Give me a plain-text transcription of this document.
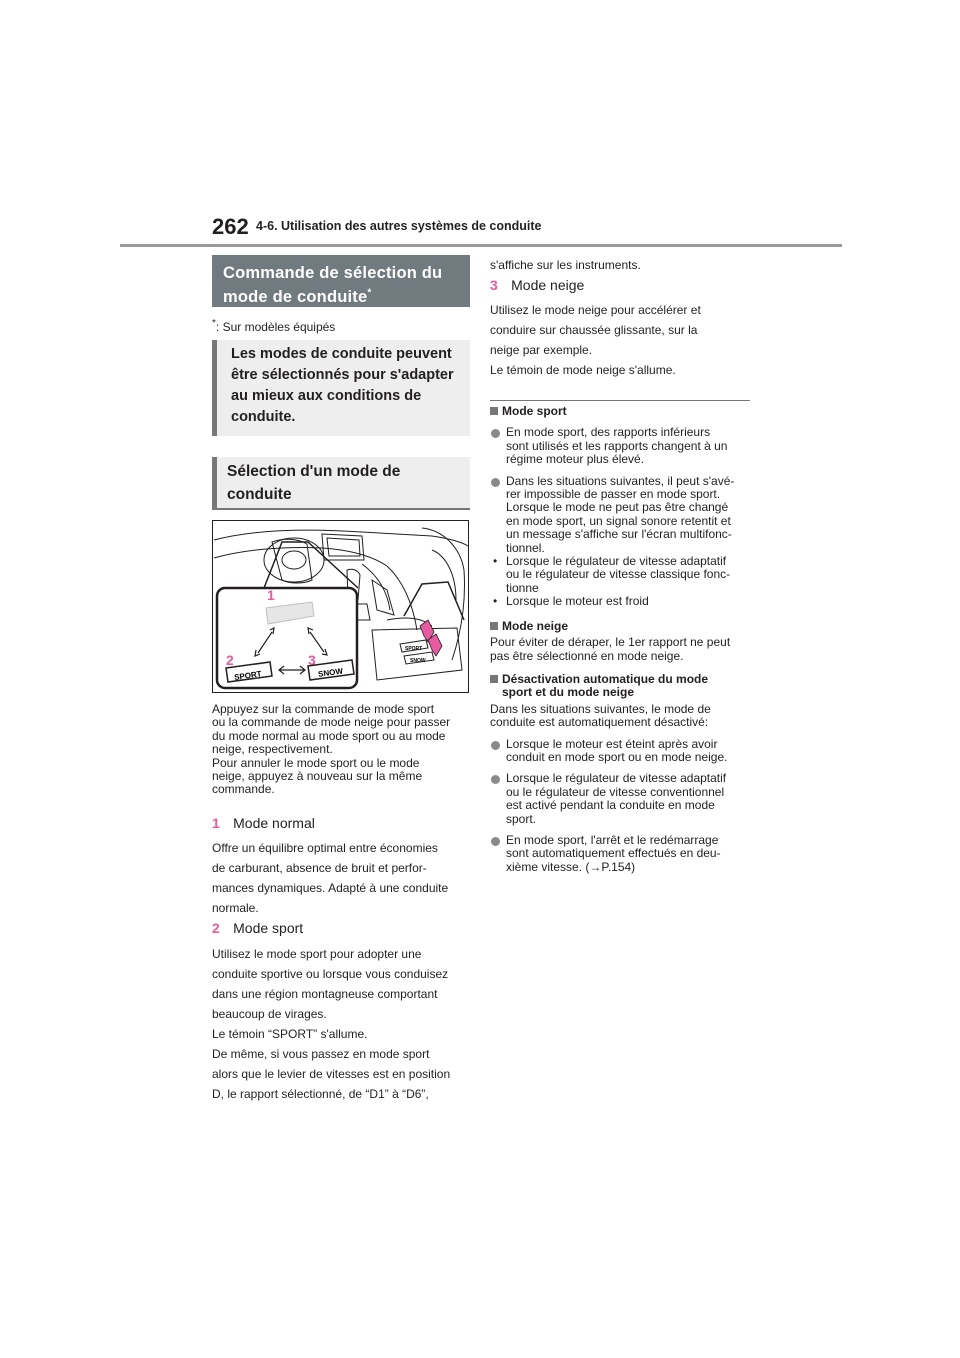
262 4-6. Utilisation des autres systèmes de conduite
Commande de sélection du
mode de conduite*
*: Sur modèles équipés
Les modes de conduite peuvent
être sélectionnés pour s'adapter
au mieux aux conditions de
conduite.
Sélection d'un mode de
conduite
1
2	3
SPORT	SNOW
SPORT
SNOW
Appuyez sur la commande de mode sport
ou la commande de mode neige pour passer
du mode normal au mode sport ou au mode
neige, respectivement.
Pour annuler le mode sport ou le mode
neige, appuyez à nouveau sur la même
commande.
1 Mode normal
Offre un équilibre optimal entre économies
de carburant, absence de bruit et perfor-
mances dynamiques. Adapté à une conduite
normale.
2 Mode sport
Utilisez le mode sport pour adopter une
conduite sportive ou lorsque vous conduisez
dans une région montagneuse comportant
beaucoup de virages.
Le témoin “SPORT” s'allume.
De même, si vous passez en mode sport
alors que le levier de vitesses est en position
D, le rapport sélectionné, de “D1” à “D6”,
s'affiche sur les instruments.
3 Mode neige
Utilisez le mode neige pour accélérer et
conduire sur chaussée glissante, sur la
neige par exemple.
Le témoin de mode neige s'allume.
Mode sport
En mode sport, des rapports inférieurs
sont utilisés et les rapports changent à un
régime moteur plus élevé.
Dans les situations suivantes, il peut s'avé-
rer impossible de passer en mode sport.
Lorsque le mode ne peut pas être changé
en mode sport, un signal sonore retentit et
un message s'affiche sur l'écran multifonc-
tionnel.
• Lorsque le régulateur de vitesse adaptatif
ou le régulateur de vitesse classique fonc-
tionne
• Lorsque le moteur est froid
Mode neige
Pour éviter de déraper, le 1er rapport ne peut
pas être sélectionné en mode neige.
Désactivation automatique du mode
sport et du mode neige
Dans les situations suivantes, le mode de
conduite est automatiquement désactivé:
Lorsque le moteur est éteint après avoir
conduit en mode sport ou en mode neige.
Lorsque le régulateur de vitesse adaptatif
ou le régulateur de vitesse conventionnel
est activé pendant la conduite en mode
sport.
En mode sport, l'arrêt et le redémarrage
sont automatiquement effectués en deu-
xième vitesse. (→P.154)
